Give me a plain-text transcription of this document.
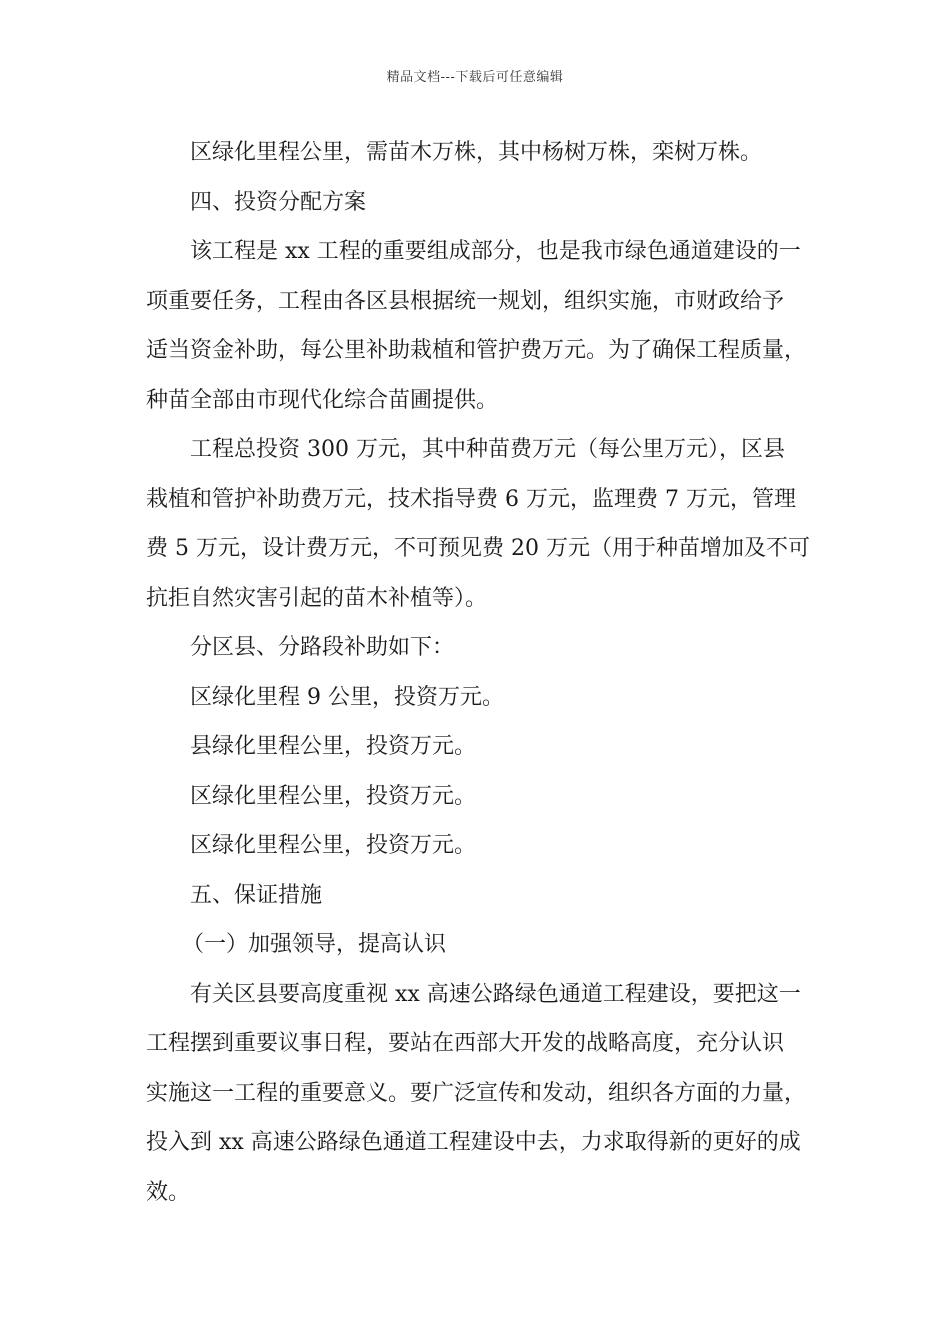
精品文档---下载后可任意编辑
区绿化里程公里，需苗木万株，其中杨树万株，栾树万株。
四、投资分配方案
该工程是 xx 工程的重要组成部分，也是我市绿色通道建设的一
项重要任务，工程由各区县根据统一规划，组织实施，市财政给予
适当资金补助，每公里补助栽植和管护费万元。为了确保工程质量，
种苗全部由市现代化综合苗圃提供。
工程总投资 300 万元，其中种苗费万元（每公里万元），区县
栽植和管护补助费万元，技术指导费 6 万元，监理费 7 万元，管理
费 5 万元，设计费万元，不可预见费 20 万元（用于种苗增加及不可
抗拒自然灾害引起的苗木补植等）。
分区县、分路段补助如下：
区绿化里程 9 公里，投资万元。
县绿化里程公里，投资万元。
区绿化里程公里，投资万元。
区绿化里程公里，投资万元。
五、保证措施
（一）加强领导，提高认识
有关区县要高度重视 xx 高速公路绿色通道工程建设，要把这一
工程摆到重要议事日程，要站在西部大开发的战略高度，充分认识
实施这一工程的重要意义。要广泛宣传和发动，组织各方面的力量，
投入到 xx 高速公路绿色通道工程建设中去，力求取得新的更好的成
效。
